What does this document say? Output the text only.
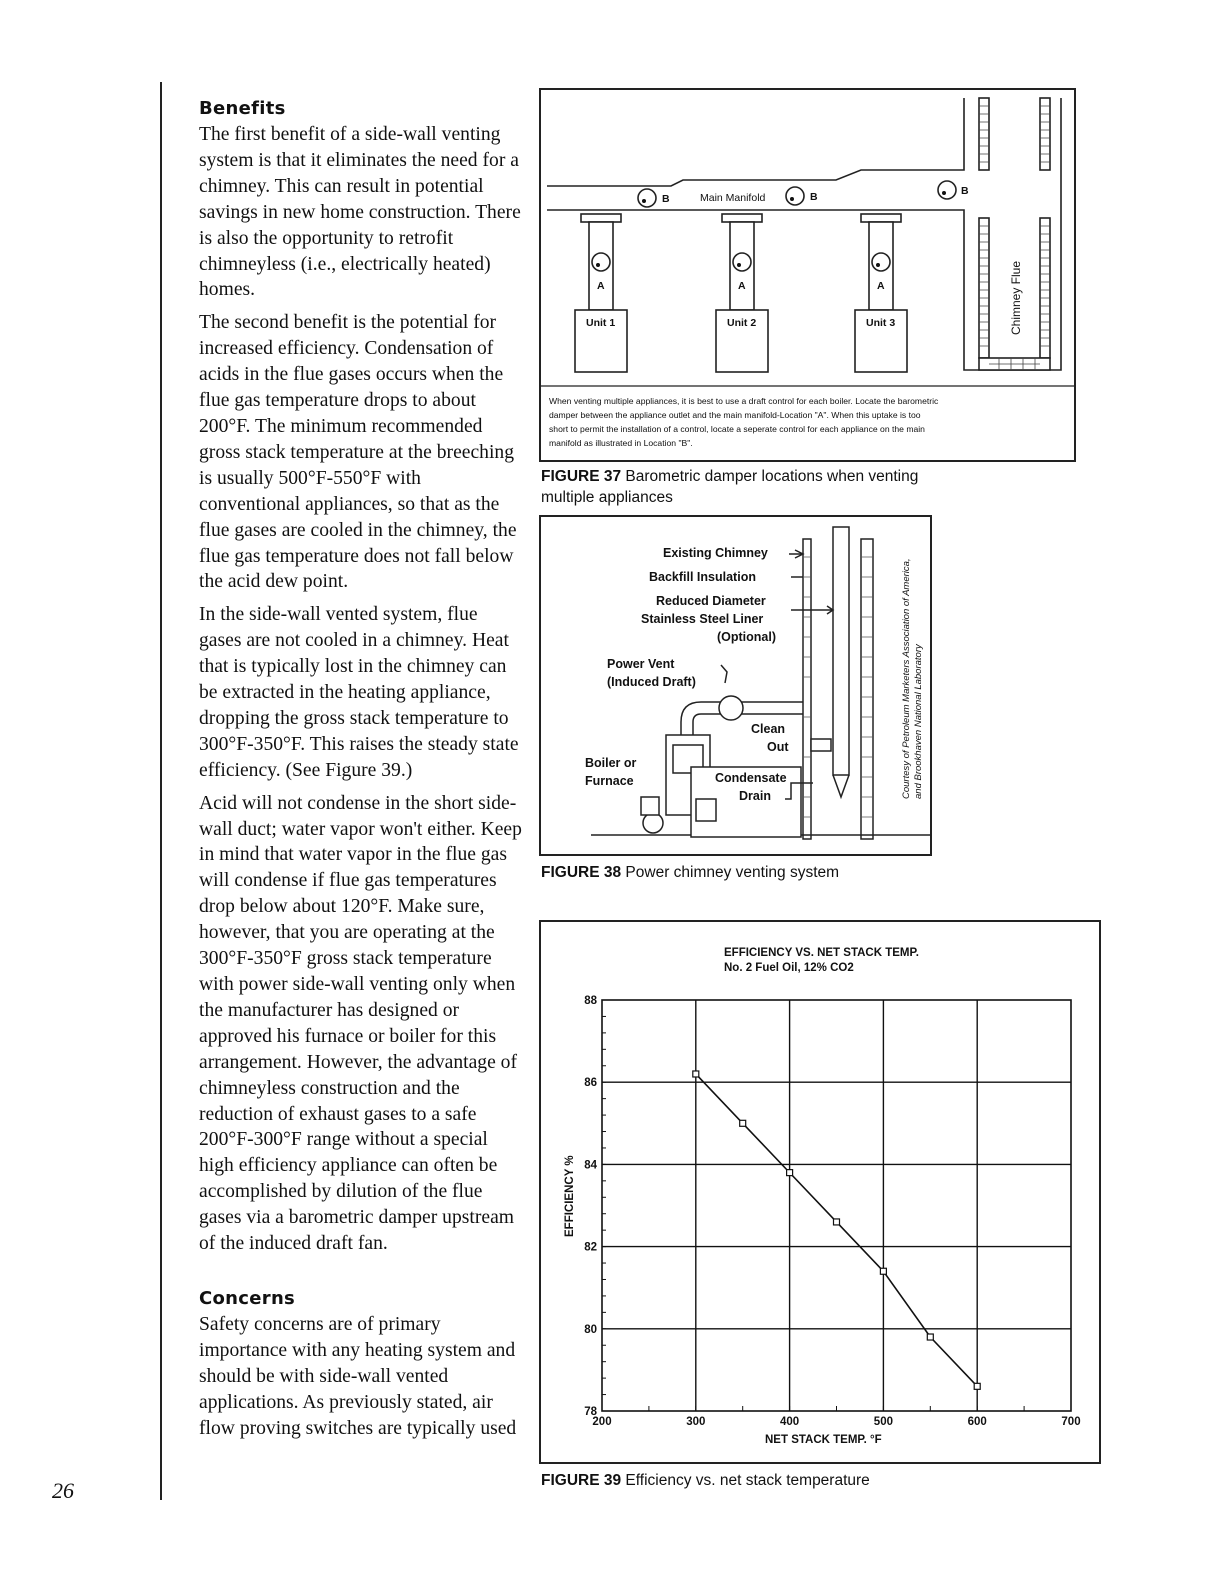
26
Benefits

The first benefit of a side-wall venting system is that it eliminates the need for a chimney. This can result in potential savings in new home construction. There is also the opportunity to retrofit chimneyless (i.e., electrically heated) homes.

The second benefit is the potential for increased efficiency. Condensation of acids in the flue gases occurs when the flue gas temperature drops to about 200°F. The minimum recommended gross stack temperature at the breeching is usually 500°F-550°F with conventional appliances, so that as the flue gases are cooled in the chimney, the flue gas temperature does not fall below the acid dew point.

In the side-wall vented system, flue gases are not cooled in a chimney. Heat that is typically lost in the chimney can be extracted in the heating appliance, dropping the gross stack temperature to 300°F-350°F. This raises the steady state efficiency. (See Figure 39.)

Acid will not condense in the short side-wall duct; water vapor won't either. Keep in mind that water vapor in the flue gas will condense if flue gas temperatures drop below about 120°F. Make sure, however, that you are operating at the 300°F-350°F gross stack temperature with power side-wall venting only when the manufacturer has designed or approved his furnace or boiler for this arrangement. However, the advantage of chimneyless construction and the reduction of exhaust gases to a safe 200°F-300°F range without a special high efficiency appliance can often be accomplished by dilution of the flue gases via a barometric damper upstream of the induced draft fan.

Concerns

Safety concerns are of primary importance with any heating system and should be with side-wall vented applications. As previously stated, air flow proving switches are typically used

Main Manifold
B	B	B
A	A	A
Unit 1	Unit 2	Unit 3	Chimney Flue
When venting multiple appliances, it is best to use a draft control for each boiler. Locate the barometric
damper between the appliance outlet and the main manifold-Location "A". When this uptake is too
short to permit the installation of a control, locate a seperate control for each appliance on the main
manifold as illustrated in Location "B".
FIGURE 37 Barometric damper locations when venting multiple appliances
Existing Chimney
Backfill Insulation
Reduced Diameter
Stainless Steel Liner
(Optional)
Power Vent
(Induced Draft)
Clean
Out
Boiler or
Furnace	Condensate
Drain	Courtesy of Petroleum Marketers Association of America, and Brookhaven National Laboratory
FIGURE 38 Power chimney venting system
EFFICIENCY VS. NET STACK TEMP.
No. 2 Fuel Oil, 12% CO2
EFFICIENCY %
NET STACK TEMP. °F
200	300	400	500	600	700
78
80
82
84
86
88
FIGURE 39 Efficiency vs. net stack temperature
